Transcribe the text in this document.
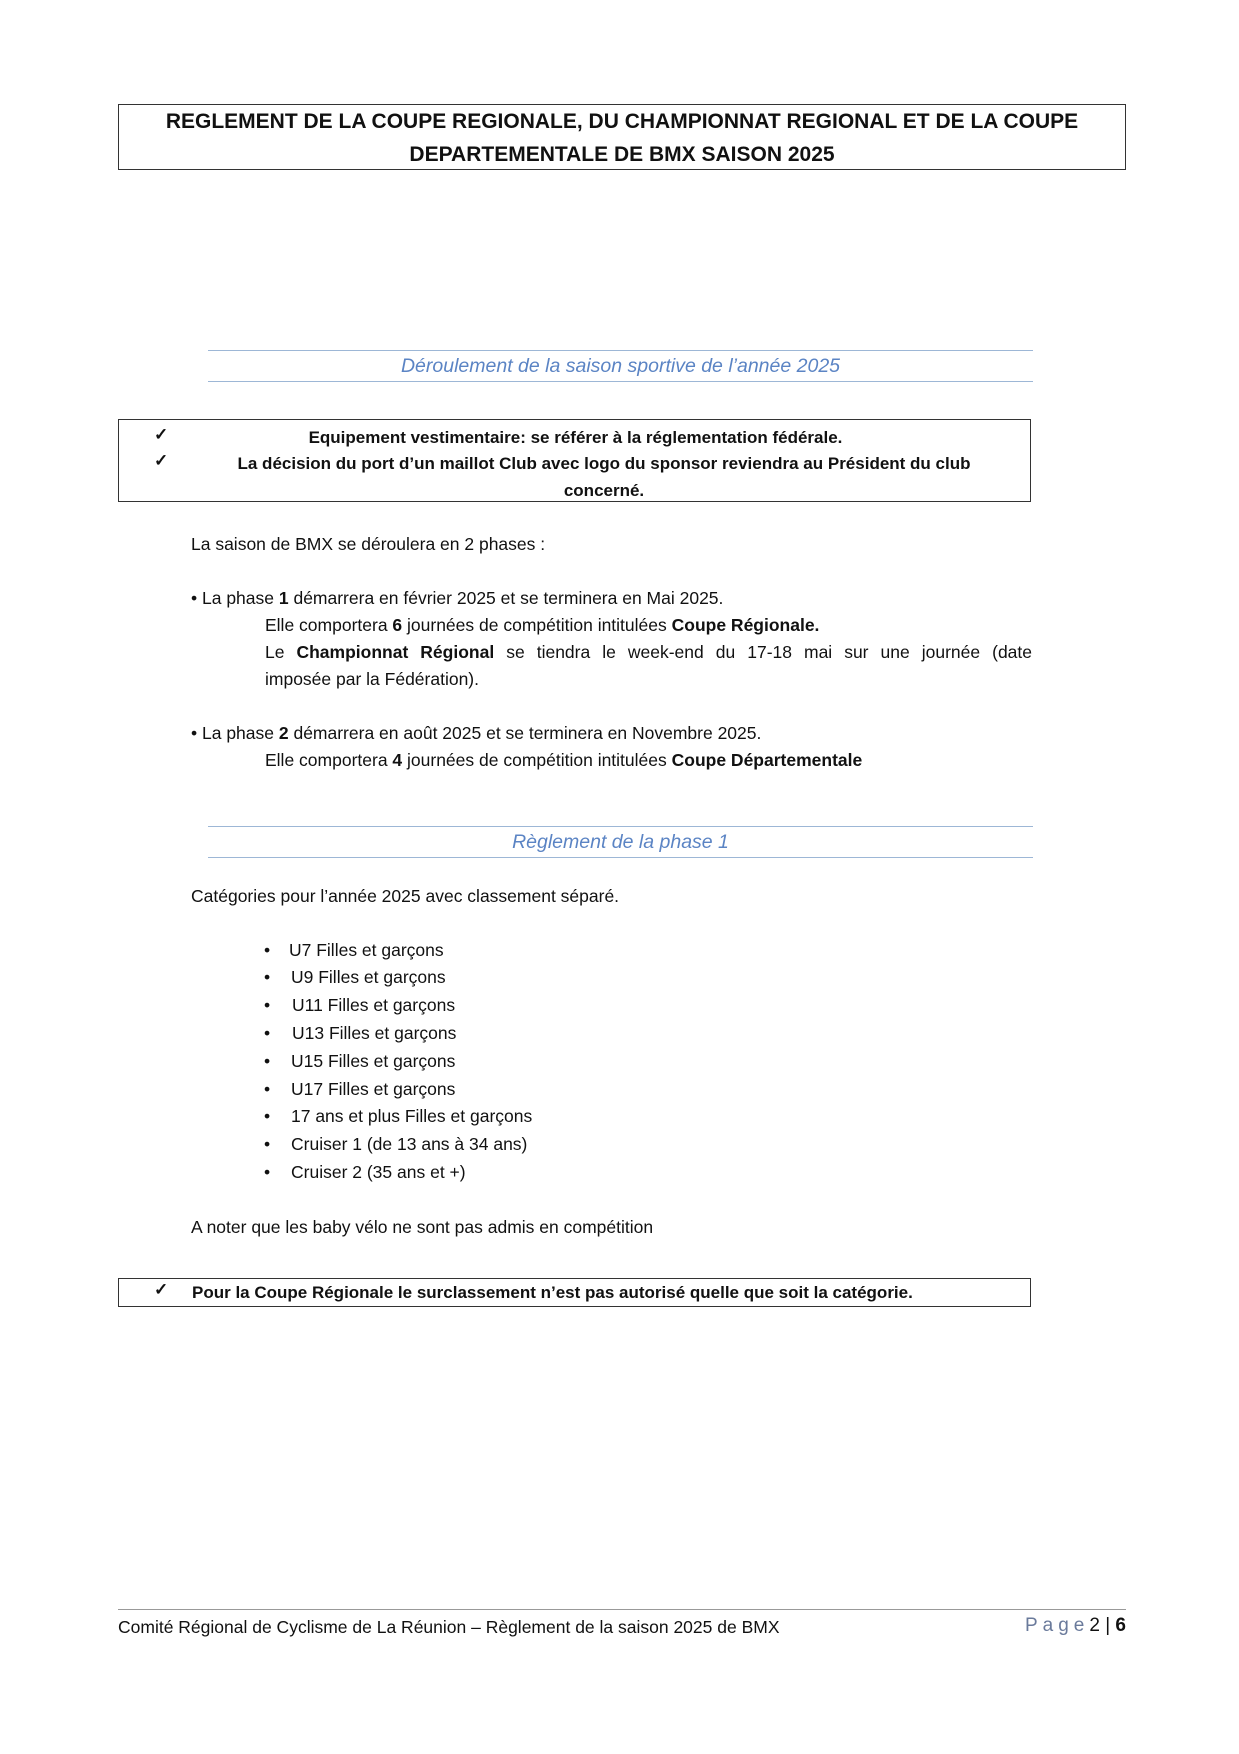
REGLEMENT DE LA COUPE REGIONALE, DU CHAMPIONNAT REGIONAL ET DE LA COUPE
DEPARTEMENTALE DE BMX SAISON 2025
Déroulement de la saison sportive de l’année 2025
✓	Equipement vestimentaire: se référer à la réglementation fédérale.
✓	La décision du port d’un maillot Club avec logo du sponsor reviendra au Président du club
concerné.
La saison de BMX se déroulera en 2 phases :
• La phase 1 démarrera en février 2025 et se terminera en Mai 2025.
Elle comportera 6 journées de compétition intitulées Coupe Régionale.
Le Championnat Régional se tiendra le week-end du 17-18 mai sur une journée (date
imposée par la Fédération).
• La phase 2 démarrera en août 2025 et se terminera en Novembre 2025.
Elle comportera 4 journées de compétition intitulées Coupe Départementale
Règlement de la phase 1
Catégories pour l’année 2025 avec classement séparé.
• U7 Filles et garçons
• U9 Filles et garçons
• U11 Filles et garçons
• U13 Filles et garçons
• U15 Filles et garçons
• U17 Filles et garçons
• 17 ans et plus Filles et garçons
• Cruiser 1 (de 13 ans à 34 ans)
• Cruiser 2 (35 ans et +)
A noter que les baby vélo ne sont pas admis en compétition
✓ Pour la Coupe Régionale le surclassement n’est pas autorisé quelle que soit la catégorie.
Comité Régional de Cyclisme de La Réunion – Règlement de la saison 2025 de BMX	Page2 | 6
